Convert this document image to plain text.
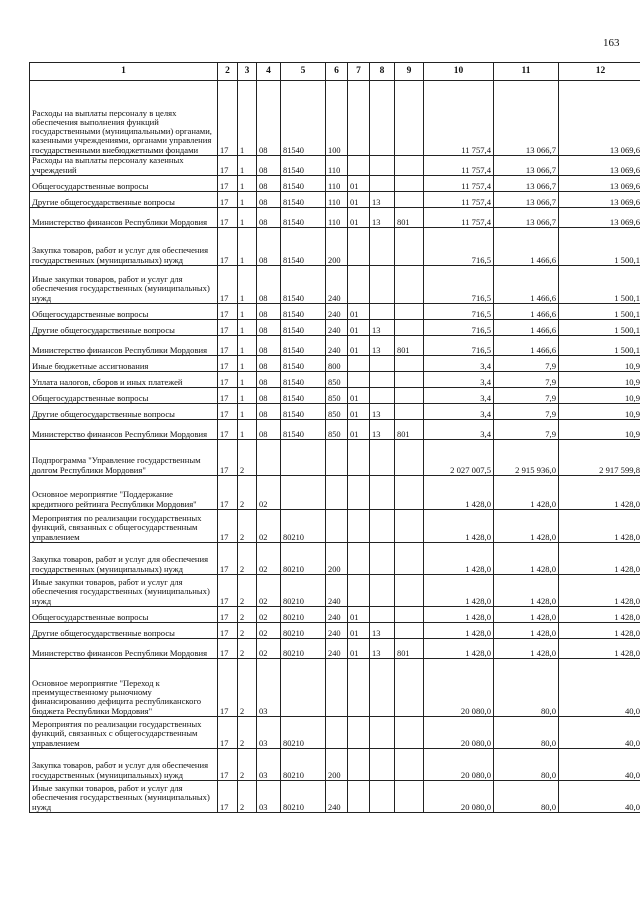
163
1	2	3	4	5	6	7	8	9	10	11	12
Расходы на выплаты персоналу в целях обеспечения выполнения функций государственными (муниципальными) органами, казенными учреждениями, органами управления государственными внебюджетными фондами	17	1	08	81540	100				11 757,4	13 066,7	13 069,6
Расходы на выплаты персоналу казенных учреждений	17	1	08	81540	110				11 757,4	13 066,7	13 069,6
Общегосударственные вопросы	17	1	08	81540	110	01			11 757,4	13 066,7	13 069,6
Другие общегосударственные вопросы	17	1	08	81540	110	01	13		11 757,4	13 066,7	13 069,6
Министерство финансов Республики Мордовия	17	1	08	81540	110	01	13	801	11 757,4	13 066,7	13 069,6
Закупка товаров, работ и услуг для обеспечения государственных (муниципальных) нужд	17	1	08	81540	200				716,5	1 466,6	1 500,1
Иные закупки товаров, работ и услуг для обеспечения государственных (муниципальных) нужд	17	1	08	81540	240				716,5	1 466,6	1 500,1
Общегосударственные вопросы	17	1	08	81540	240	01			716,5	1 466,6	1 500,1
Другие общегосударственные вопросы	17	1	08	81540	240	01	13		716,5	1 466,6	1 500,1
Министерство финансов Республики Мордовия	17	1	08	81540	240	01	13	801	716,5	1 466,6	1 500,1
Иные бюджетные ассигнования	17	1	08	81540	800				3,4	7,9	10,9
Уплата налогов, сборов и иных платежей	17	1	08	81540	850				3,4	7,9	10,9
Общегосударственные вопросы	17	1	08	81540	850	01			3,4	7,9	10,9
Другие общегосударственные вопросы	17	1	08	81540	850	01	13		3,4	7,9	10,9
Министерство финансов Республики Мордовия	17	1	08	81540	850	01	13	801	3,4	7,9	10,9
Подпрограмма "Управление государственным долгом Республики Мордовия"	17	2							2 027 007,5	2 915 936,0	2 917 599,8
Основное мероприятие "Поддержание кредитного рейтинга Республики Мордовия"	17	2	02						1 428,0	1 428,0	1 428,0
Мероприятия по реализации государственных функций, связанных с общегосударственным управлением	17	2	02	80210					1 428,0	1 428,0	1 428,0
Закупка товаров, работ и услуг для обеспечения государственных (муниципальных) нужд	17	2	02	80210	200				1 428,0	1 428,0	1 428,0
Иные закупки товаров, работ и услуг для обеспечения государственных (муниципальных) нужд	17	2	02	80210	240				1 428,0	1 428,0	1 428,0
Общегосударственные вопросы	17	2	02	80210	240	01			1 428,0	1 428,0	1 428,0
Другие общегосударственные вопросы	17	2	02	80210	240	01	13		1 428,0	1 428,0	1 428,0
Министерство финансов Республики Мордовия	17	2	02	80210	240	01	13	801	1 428,0	1 428,0	1 428,0
Основное мероприятие "Переход к преимущественному рыночному финансированию дефицита республиканского бюджета Республики Мордовия"	17	2	03						20 080,0	80,0	40,0
Мероприятия по реализации государственных функций, связанных с общегосударственным управлением	17	2	03	80210					20 080,0	80,0	40,0
Закупка товаров, работ и услуг для обеспечения государственных (муниципальных) нужд	17	2	03	80210	200				20 080,0	80,0	40,0
Иные закупки товаров, работ и услуг для обеспечения государственных (муниципальных) нужд	17	2	03	80210	240				20 080,0	80,0	40,0
